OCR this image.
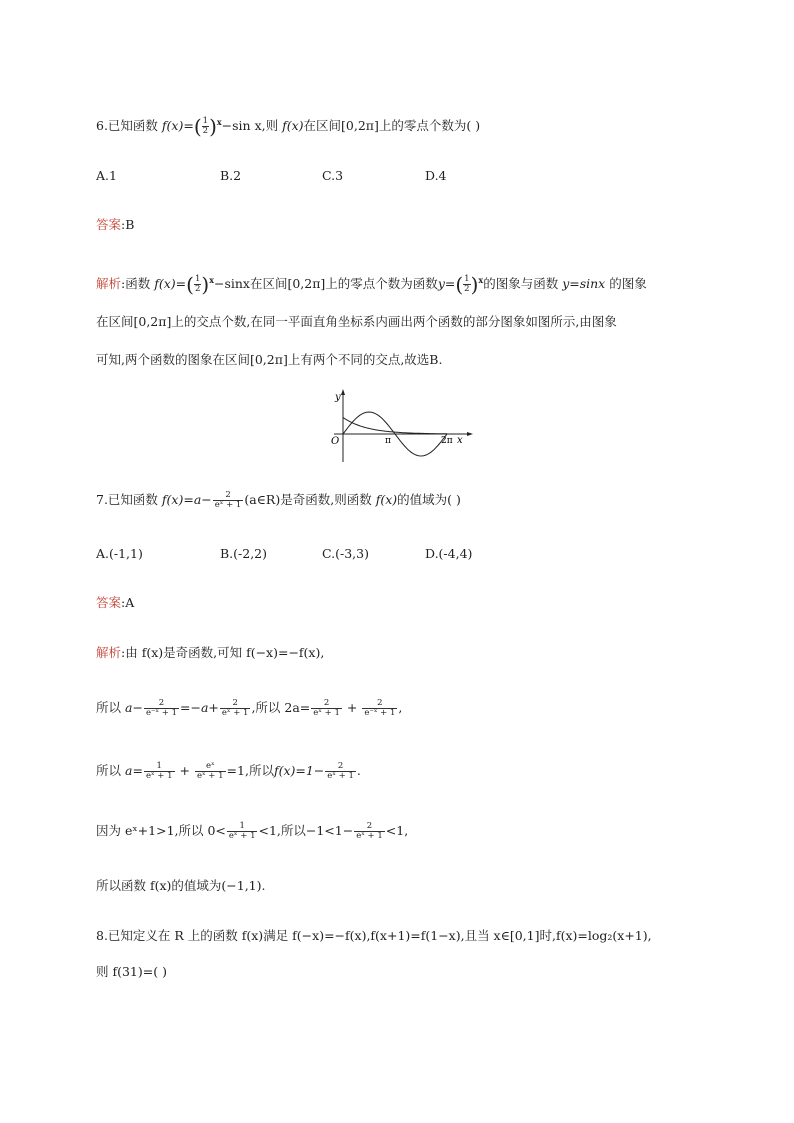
6.已知函数 $f(x)=( \frac{1}{2})^x-\sin$ x,则 f(x)在区间[0,2π]上的零点个数为( )
A.1	B.2	C.3	D.4
答案:B
解析:函数 $f(x)=( \frac{1}{2})^x-\sin x$在区间[0,2π]上的零点个数为函数$y=( \frac{1}{2})^x$的图象与函数 y=sinx 的图象
在区间[0,2π]上的交点个数,在同一平面直角坐标系内画出两个函数的部分图象如图所示,由图象
可知,两个函数的图象在区间[0,2π]上有两个不同的交点,故选B.
y
O	π	2π x
7.已知函数 $f(x)=a- \frac{2}{\text{eˣ + 1}}$ (a∈R)是奇函数,则函数 f(x)的值域为( )
A.(-1,1)	B.(-2,2)	C.(-3,3)	D.(-4,4)
答案:A
解析:由 f(x)是奇函数,可知 f(−x)=−f(x),
所以 $a- \frac{2}{\text{e⁻ˣ + 1}} =-a+ \frac{2}{\text{eˣ + 1}}$ ,所以 $2a= \frac{2}{\text{eˣ + 1}} + \frac{2}{\text{e⁻ˣ + 1}}$ ,
所以 $a= \frac{1}{\text{eˣ + 1}} + \frac{\text{eˣ}}{\text{eˣ + 1}} =1$,所以$f(x)=1- \frac{2}{\text{eˣ + 1}}$ .
因为 eˣ+1>1,所以 $0< \frac{1}{\text{eˣ + 1}} <1$,所以$-1<1- \frac{2}{\text{eˣ + 1}} <1$,
所以函数 f(x)的值域为(−1,1).
8.已知定义在 R 上的函数 f(x)满足 f(−x)=−f(x),f(x+1)=f(1−x),且当 x∈[0,1]时,f(x)=log₂(x+1),
则 f(31)=( )
